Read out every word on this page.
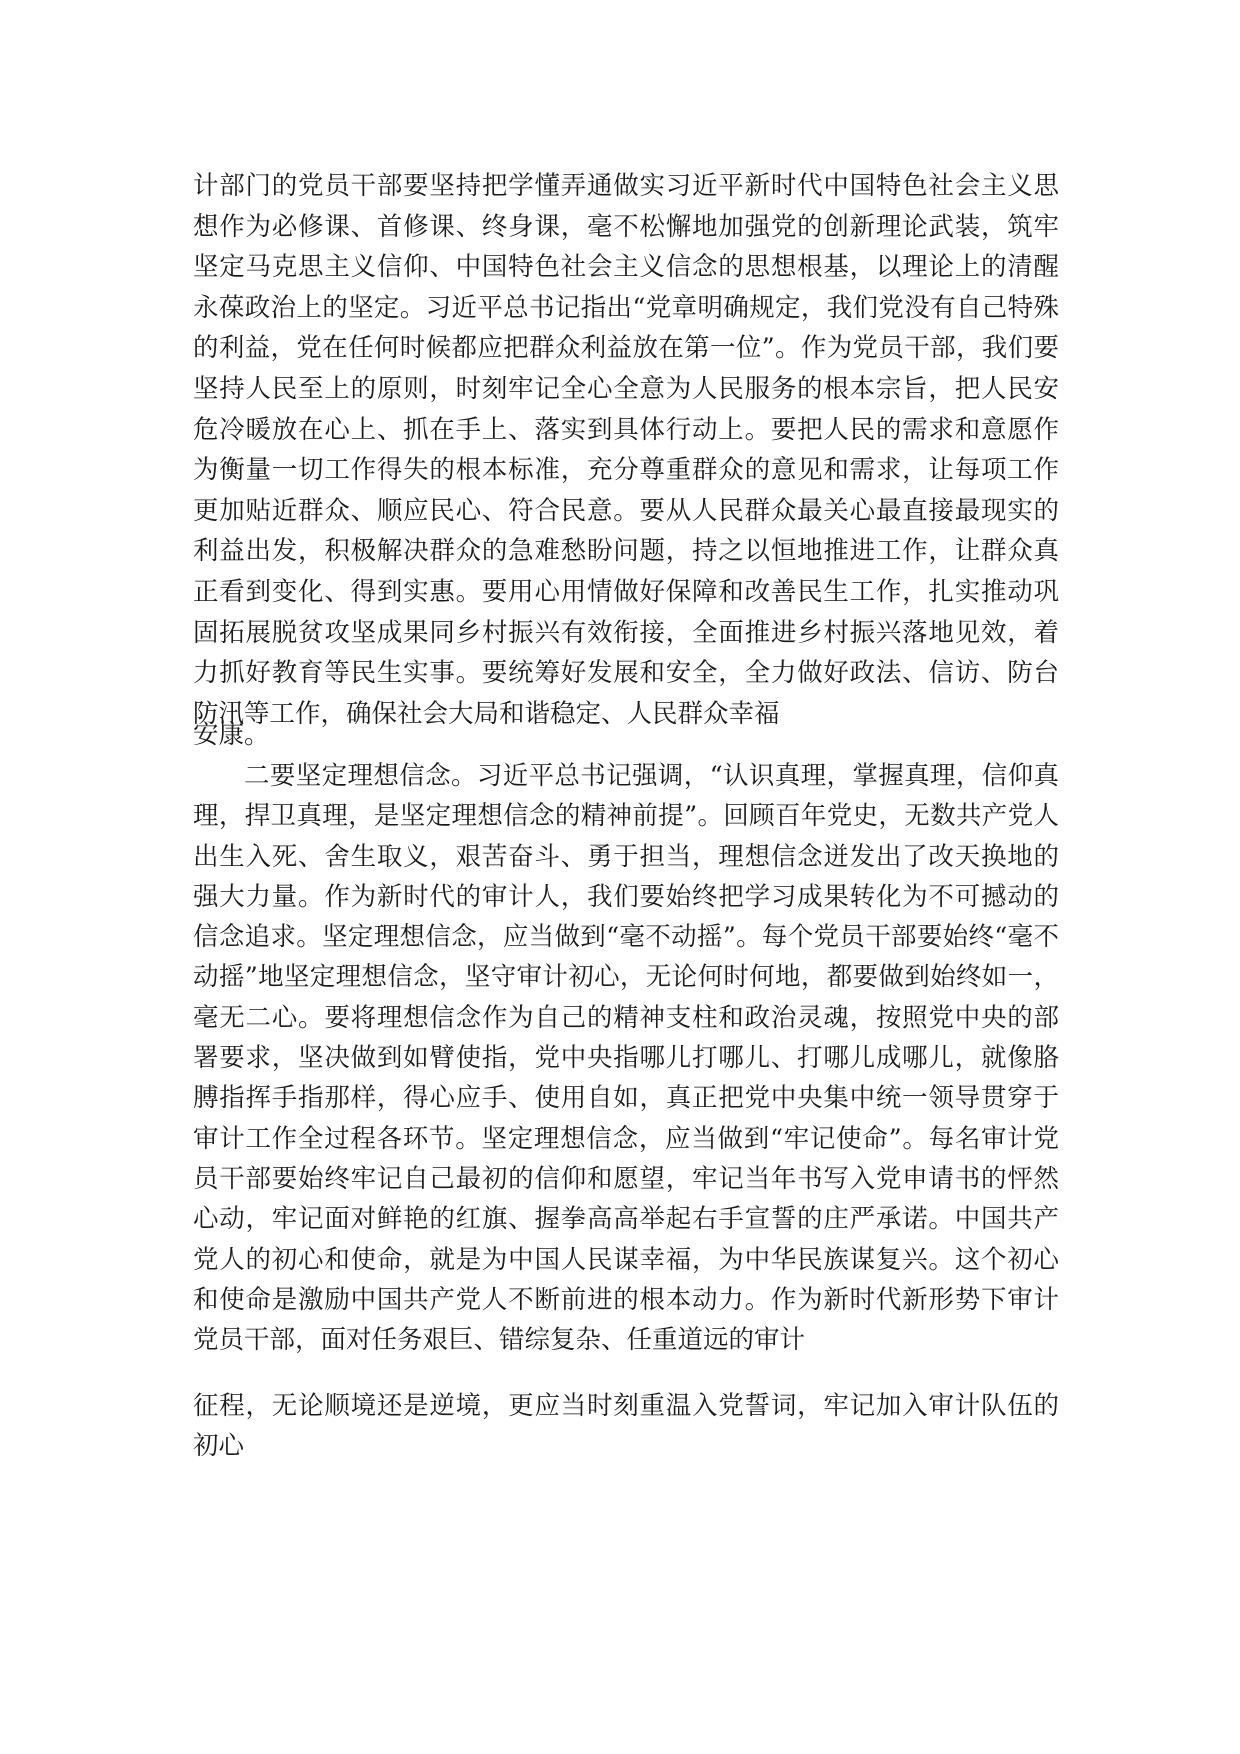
计部门的党员干部要坚持把学懂弄通做实习近平新时代中国特色社会主义思想作为必修课、首修课、终身课，毫不松懈地加强党的创新理论武装，筑牢坚定马克思主义信仰、中国特色社会主义信念的思想根基，以理论上的清醒永葆政治上的坚定。习近平总书记指出“党章明确规定，我们党没有自己特殊的利益，党在任何时候都应把群众利益放在第一位”。作为党员干部，我们要坚持人民至上的原则，时刻牢记全心全意为人民服务的根本宗旨，把人民安危冷暖放在心上、抓在手上、落实到具体行动上。要把人民的需求和意愿作为衡量一切工作得失的根本标准，充分尊重群众的意见和需求，让每项工作更加贴近群众、顺应民心、符合民意。要从人民群众最关心最直接最现实的利益出发，积极解决群众的急难愁盼问题，持之以恒地推进工作，让群众真正看到变化、得到实惠。要用心用情做好保障和改善民生工作，扎实推动巩固拓展脱贫攻坚成果同乡村振兴有效衔接，全面推进乡村振兴落地见效，着力抓好教育等民生实事。要统筹好发展和安全，全力做好政法、信访、防台防汛等工作，确保社会大局和谐稳定、人民群众幸福

安康。

二要坚定理想信念。习近平总书记强调，“认识真理，掌握真理，信仰真理，捍卫真理，是坚定理想信念的精神前提”。回顾百年党史，无数共产党人出生入死、舍生取义，艰苦奋斗、勇于担当，理想信念迸发出了改天换地的强大力量。作为新时代的审计人，我们要始终把学习成果转化为不可撼动的信念追求。坚定理想信念，应当做到“毫不动摇”。每个党员干部要始终“毫不动摇”地坚定理想信念，坚守审计初心，无论何时何地，都要做到始终如一，毫无二心。要将理想信念作为自己的精神支柱和政治灵魂，按照党中央的部署要求，坚决做到如臂使指，党中央指哪儿打哪儿、打哪儿成哪儿，就像胳膊指挥手指那样，得心应手、使用自如，真正把党中央集中统一领导贯穿于审计工作全过程各环节。坚定理想信念，应当做到“牢记使命”。每名审计党员干部要始终牢记自己最初的信仰和愿望，牢记当年书写入党申请书的怦然心动，牢记面对鲜艳的红旗、握拳高高举起右手宣誓的庄严承诺。中国共产党人的初心和使命，就是为中国人民谋幸福，为中华民族谋复兴。这个初心和使命是激励中国共产党人不断前进的根本动力。作为新时代新形势下审计党员干部，面对任务艰巨、错综复杂、任重道远的审计

征程，无论顺境还是逆境，更应当时刻重温入党誓词，牢记加入审计队伍的初心
